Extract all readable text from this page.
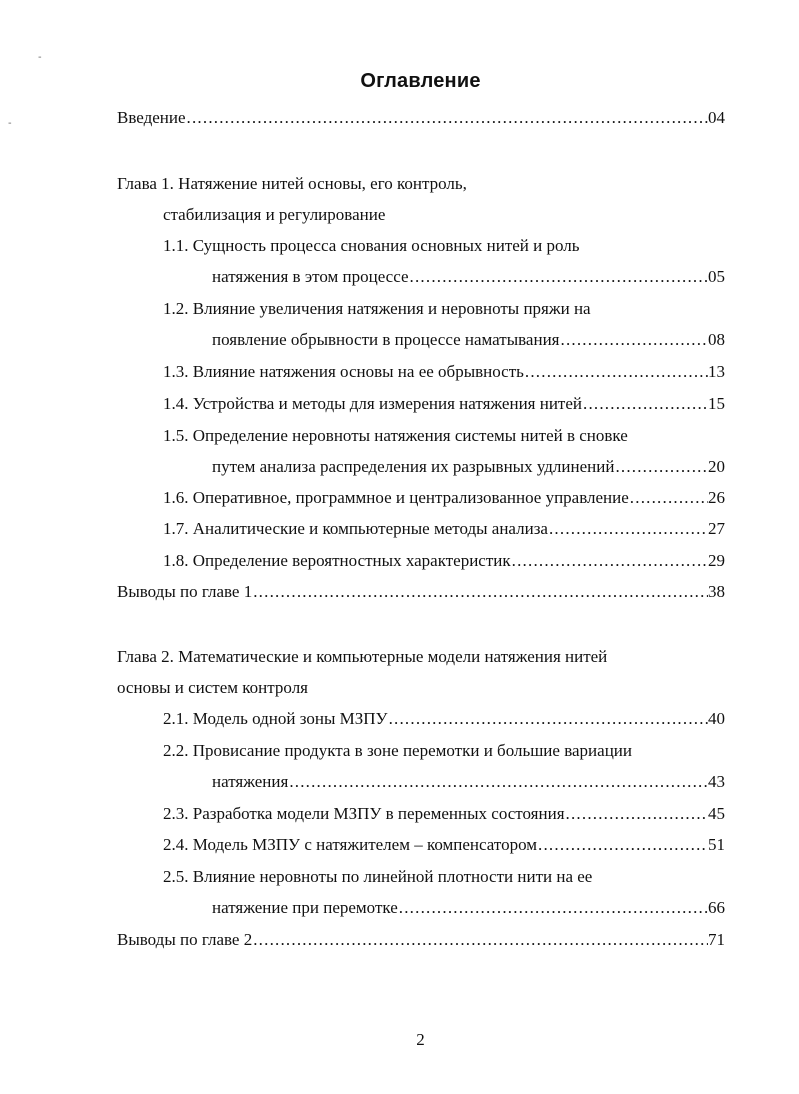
-
-
Оглавление
Введение .....	04
Глава 1. Натяжение нитей основы, его контроль,
стабилизация и регулирование
1.1. Сущность процесса снования основных нитей и роль
натяжения в этом процессе .....	05
1.2. Влияние увеличения натяжения и неровноты пряжи на
появление обрывности в процессе наматывания .....	08
1.3. Влияние натяжения основы на ее обрывность .....	13
1.4. Устройства и методы для измерения натяжения нитей .....	15
1.5. Определение неровноты натяжения системы нитей в сновке
путем анализа распределения их разрывных удлинений .....	20
1.6. Оперативное, программное и централизованное управление .....	26
1.7. Аналитические и компьютерные методы анализа .....	27
1.8. Определение вероятностных характеристик .....	29
Выводы по главе 1 .....	38
Глава 2. Математические и компьютерные модели натяжения нитей
основы и систем контроля
2.1. Модель одной зоны МЗПУ .....	40
2.2. Провисание продукта в зоне перемотки и большие вариации
натяжения .....	43
2.3. Разработка модели МЗПУ в переменных состояния .....	45
2.4. Модель МЗПУ с натяжителем – компенсатором .....	51
2.5. Влияние неровноты по линейной плотности нити на ее
натяжение при перемотке .....	66
Выводы по главе 2 .....	71
2
